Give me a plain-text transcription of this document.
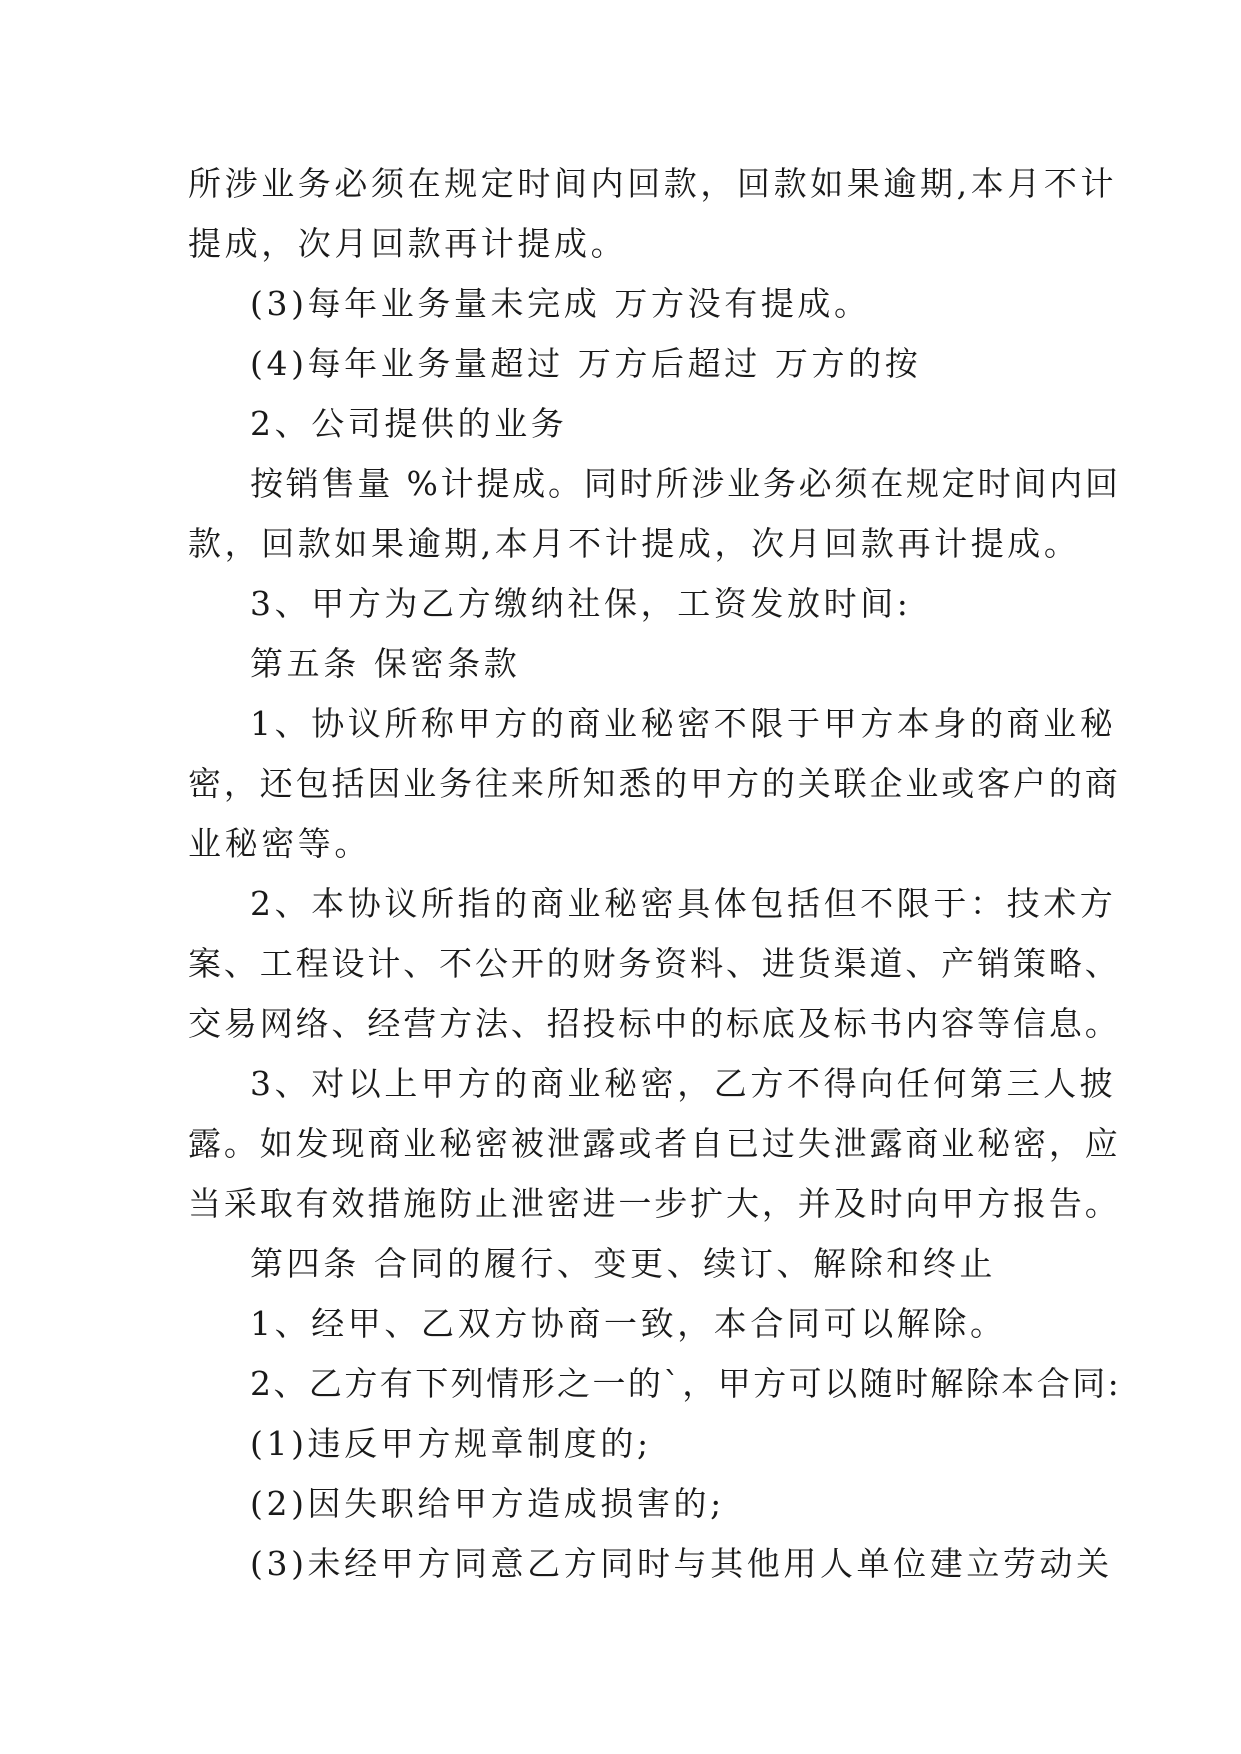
所涉业务必须在规定时间内回款，回款如果逾期,本月不计
提成，次月回款再计提成。
(3)每年业务量未完成 万方没有提成。
(4)每年业务量超过 万方后超过 万方的按
2、公司提供的业务
按销售量 %计提成。同时所涉业务必须在规定时间内回
款，回款如果逾期,本月不计提成，次月回款再计提成。
3、甲方为乙方缴纳社保，工资发放时间:
第五条 保密条款
1、协议所称甲方的商业秘密不限于甲方本身的商业秘
密，还包括因业务往来所知悉的甲方的关联企业或客户的商
业秘密等。
2、本协议所指的商业秘密具体包括但不限于：技术方
案、工程设计、不公开的财务资料、进货渠道、产销策略、
交易网络、经营方法、招投标中的标底及标书内容等信息。
3、对以上甲方的商业秘密，乙方不得向任何第三人披
露。如发现商业秘密被泄露或者自已过失泄露商业秘密，应
当采取有效措施防止泄密进一步扩大，并及时向甲方报告。
第四条 合同的履行、变更、续订、解除和终止
1、经甲、乙双方协商一致，本合同可以解除。
2、乙方有下列情形之一的`，甲方可以随时解除本合同:
(1)违反甲方规章制度的;
(2)因失职给甲方造成损害的;
(3)未经甲方同意乙方同时与其他用人单位建立劳动关
